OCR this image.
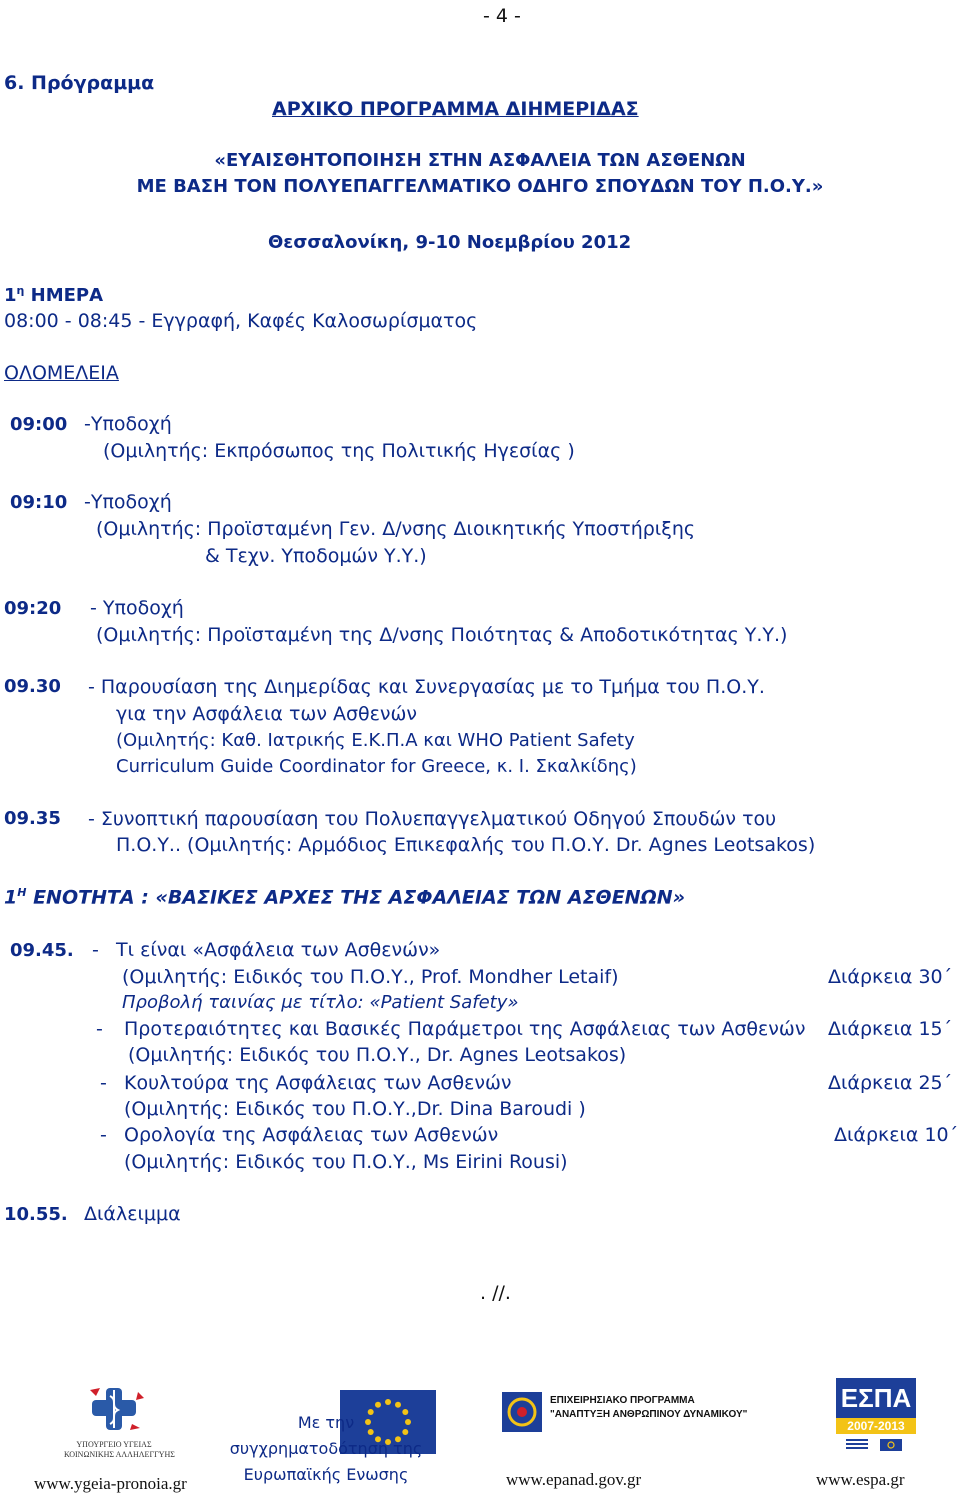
- 4 -
6. Πρόγραμμα
ΑΡΧΙΚΟ ΠΡΟΓΡΑΜΜΑ ΔΙΗΜΕΡΙΔΑΣ
«ΕΥΑΙΣΘΗΤΟΠΟΙΗΣΗ ΣΤΗΝ ΑΣΦΑΛΕΙΑ ΤΩΝ ΑΣΘΕΝΩΝ
ΜΕ ΒΑΣΗ ΤΟΝ ΠΟΛΥΕΠΑΓΓΕΛΜΑΤΙΚΟ ΟΔΗΓΟ ΣΠΟΥΔΩΝ ΤΟΥ Π.Ο.Υ.»
Θεσσαλονίκη, 9-10 Νοεμβρίου 2012
$1^\eta$ ΗΜΕΡΑ
08:00 - 08:45 - Εγγραφή, Καφές Καλοσωρίσματος
ΟΛΟΜΕΛΕΙΑ
09:00 -Υποδοχή
(Ομιλητής: Εκπρόσωπος της Πολιτικής Ηγεσίας )
09:10 -Υποδοχή
(Ομιλητής: Προϊσταμένη Γεν. Δ/νσης Διοικητικής Υποστήριξης
& Τεχν. Υποδομών Υ.Υ.)
09:20 - Υποδοχή
(Ομιλητής: Προϊσταμένη της Δ/νσης Ποιότητας & Αποδοτικότητας Υ.Υ.)
09.30 - Παρουσίαση της Διημερίδας και Συνεργασίας με το Τμήμα του Π.Ο.Υ.
για την Ασφάλεια των Ασθενών
(Ομιλητής: Καθ. Ιατρικής Ε.Κ.Π.Α και WHO Patient Safety
Curriculum Guide Coordinator for Greece, κ. Ι. Σκαλκίδης)
09.35 - Συνοπτική παρουσίαση του Πολυεπαγγελματικού Οδηγού Σπουδών του
Π.Ο.Υ.. (Ομιλητής: Αρμόδιος Επικεφαλής του Π.Ο.Υ. Dr. Agnes Leotsakos)
$1^H$ ΕΝΟΤΗΤΑ : «ΒΑΣΙΚΕΣ ΑΡΧΕΣ ΤΗΣ ΑΣΦΑΛΕΙΑΣ ΤΩΝ ΑΣΘΕΝΩΝ»
09.45. - Τι είναι «Ασφάλεια των Ασθενών»
(Ομιλητής: Ειδικός του Π.Ο.Υ., Prof. Mondher Letaif)	Διάρκεια 30΄
Προβολή ταινίας με τίτλο: «Patient Safety»
- Προτεραιότητες και Βασικές Παράμετροι της Ασφάλειας των Ασθενών Διάρκεια 15΄
(Ομιλητής: Ειδικός του Π.Ο.Υ., Dr. Agnes Leotsakos)
- Κουλτούρα της Ασφάλειας των Ασθενών	Διάρκεια 25΄
(Ομιλητής: Ειδικός του Π.Ο.Υ.,Dr. Dina Baroudi )
- Ορολογία της Ασφάλειας των Ασθενών	Διάρκεια 10΄
(Ομιλητής: Ειδικός του Π.Ο.Υ., Ms Eirini Rousi)
10.55. Διάλειμμα
. //.
ΥΠΟΥΡΓΕΙΟ ΥΓΕΙΑΣ
ΚΟΙΝΩΝΙΚΗΣ ΑΛΛΗΛΕΓΓΥΗΣ
www.ygeia-pronoia.gr
Με την
συγχρηματοδότηση της
Ευρωπαϊκής Ενωσης
ΕΠΙΧΕΙΡΗΣΙΑΚΟ ΠΡΟΓΡΑΜΜΑ
"ΑΝΑΠΤΥΞΗ ΑΝΘΡΩΠΙΝΟΥ ΔΥΝΑΜΙΚΟΥ"
www.epanad.gov.gr
ΕΣΠΑ
2007-2013
www.espa.gr
